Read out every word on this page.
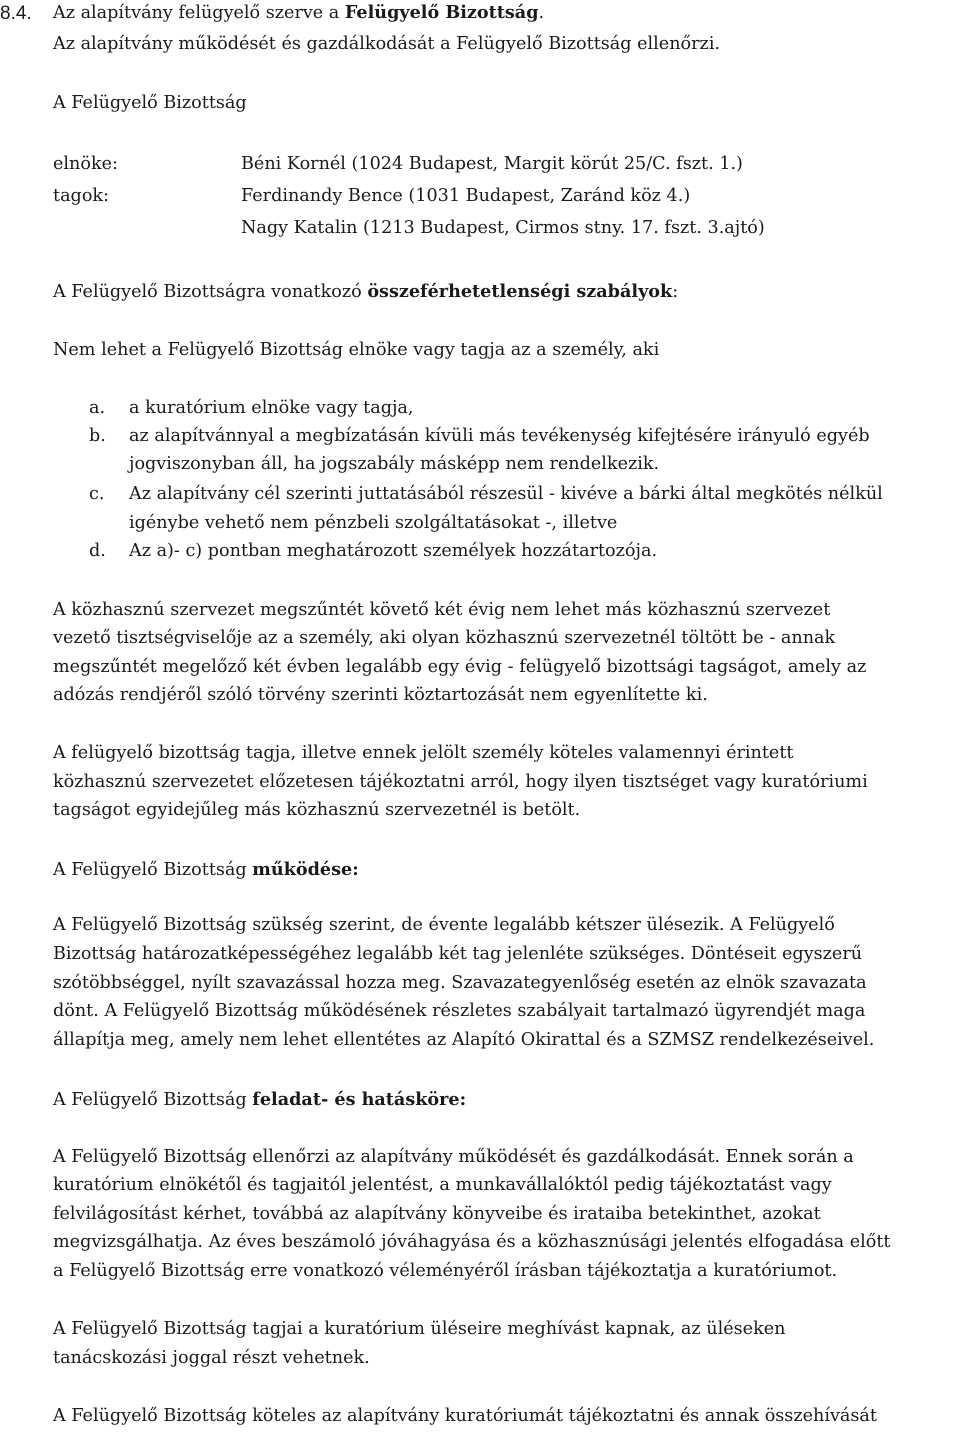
8.4. Az alapítvány felügyelő szerve a Felügyelő Bizottság.
Az alapítvány működését és gazdálkodását a Felügyelő Bizottság ellenőrzi.
A Felügyelő Bizottság
elnöke:	Béni Kornél (1024 Budapest, Margit körút 25/C. fszt. 1.)
tagok:	Ferdinandy Bence (1031 Budapest, Zaránd köz 4.)
Nagy Katalin (1213 Budapest, Cirmos stny. 17. fszt. 3.ajtó)
A Felügyelő Bizottságra vonatkozó összeférhetetlenségi szabályok:
Nem lehet a Felügyelő Bizottság elnöke vagy tagja az a személy, aki
a. a kuratórium elnöke vagy tagja,
b. az alapítvánnyal a megbízatásán kívüli más tevékenység kifejtésére irányuló egyéb
jogviszonyban áll, ha jogszabály másképp nem rendelkezik.
c. Az alapítvány cél szerinti juttatásából részesül - kivéve a bárki által megkötés nélkül
igénybe vehető nem pénzbeli szolgáltatásokat -, illetve
d. Az a)- c) pontban meghatározott személyek hozzátartozója.
A közhasznú szervezet megszűntét követő két évig nem lehet más közhasznú szervezet
vezető tisztségviselője az a személy, aki olyan közhasznú szervezetnél töltött be - annak
megszűntét megelőző két évben legalább egy évig - felügyelő bizottsági tagságot, amely az
adózás rendjéről szóló törvény szerinti köztartozását nem egyenlítette ki.
A felügyelő bizottság tagja, illetve ennek jelölt személy köteles valamennyi érintett
közhasznú szervezetet előzetesen tájékoztatni arról, hogy ilyen tisztséget vagy kuratóriumi
tagságot egyidejűleg más közhasznú szervezetnél is betölt.
A Felügyelő Bizottság működése:
A Felügyelő Bizottság szükség szerint, de évente legalább kétszer ülésezik. A Felügyelő
Bizottság határozatképességéhez legalább két tag jelenléte szükséges. Döntéseit egyszerű
szótöbbséggel, nyílt szavazással hozza meg. Szavazategyenlőség esetén az elnök szavazata
dönt. A Felügyelő Bizottság működésének részletes szabályait tartalmazó ügyrendjét maga
állapítja meg, amely nem lehet ellentétes az Alapító Okirattal és a SZMSZ rendelkezéseivel.
A Felügyelő Bizottság feladat- és hatásköre:
A Felügyelő Bizottság ellenőrzi az alapítvány működését és gazdálkodását. Ennek során a
kuratórium elnökétől és tagjaitól jelentést, a munkavállalóktól pedig tájékoztatást vagy
felvilágosítást kérhet, továbbá az alapítvány könyveibe és irataiba betekinthet, azokat
megvizsgálhatja. Az éves beszámoló jóváhagyása és a közhasznúsági jelentés elfogadása előtt
a Felügyelő Bizottság erre vonatkozó véleményéről írásban tájékoztatja a kuratóriumot.
A Felügyelő Bizottság tagjai a kuratórium üléseire meghívást kapnak, az üléseken
tanácskozási joggal részt vehetnek.
A Felügyelő Bizottság köteles az alapítvány kuratóriumát tájékoztatni és annak összehívását
